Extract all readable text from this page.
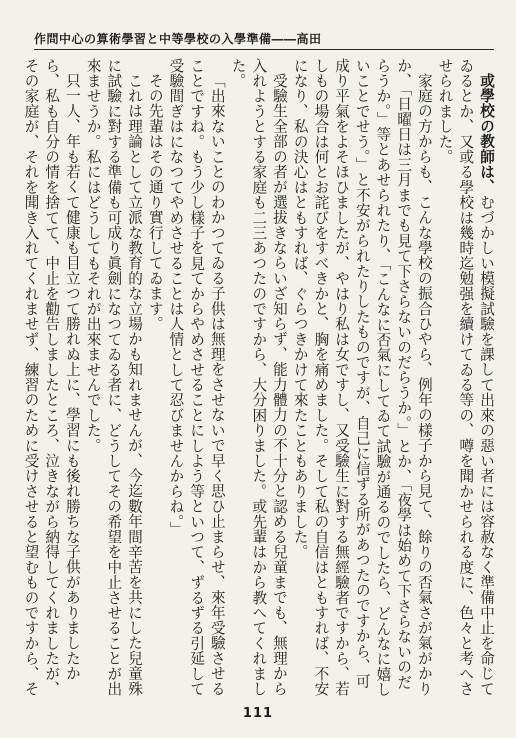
作問中心の算術學習と中等學校の入學準備――高田

或學校の教師は、むづかしい模擬試驗を課して出來の惡い者には容赦なく準備中止を命じてゐるとか、又或る學校は幾時迄勉强を續けてゐる等の、噂を聞かせられる度に、色々と考へさせられました。

家庭の方からも、こんな學校の振合ひやら、例年の樣子から見て、餘りの否氣さが氣がかりか、「日曜日は三月までも見て下さらないのだらうか。」とか、「夜學は始めて下さらないのだらうか。」等とあせられたり、「こんなに否氣にしてゐて試驗が通るのでしたら、どんなに嬉しいことでせう。」と不安がられたりしたものですが、自己に信ずる所があつたのですから、可成り平氣をよそほひましたが、やはり私は女ですし、又受驗生に對する無經驗者ですから、若しもの場合は何とお詫びをすべきかと、胸を痛めました。そして私の自信はともすれば、不安になり、私の決心はともすれば、ぐらつきかけて來たこともありました。

受驗生全部の者が選拔きならいざ知らず、能力體力の不十分と認める兒童までも、無理から入れようとする家庭も二三あつたのですから、大分困りました。或先輩はから教へてくれました。

「出來ないことのわかつてゐる子供は無理をさせないで早く思ひ止まらせ、來年受驗させることですね。もう少し樣子を見てからやめさせることにしよう等といつて、ずるずる引延して受驗間ぎはになつてやめさせることは人情として忍びませんからね。」

その先輩はその通り實行してゐます。

これは理論として立派な教育的な立場かも知れませんが、今迄數年間辛苦を共にした兒童殊に試驗に對する準備も可成り眞劍になつてゐる者に、どうしてその希望を中止させることが出來ませうか。私にはどうしてもそれが出來ませんでした。

只一人、年も若くて健康も目立つて勝れぬ上に、學習にも後れ勝ちな子供がありましたから、私も自分の情を捨てて、中止を勸告しましたところ、泣きながら納得してくれましたが、その家庭が、それを聞き入れてくれませず、練習のために受けさせると望むものですから、そ

111
